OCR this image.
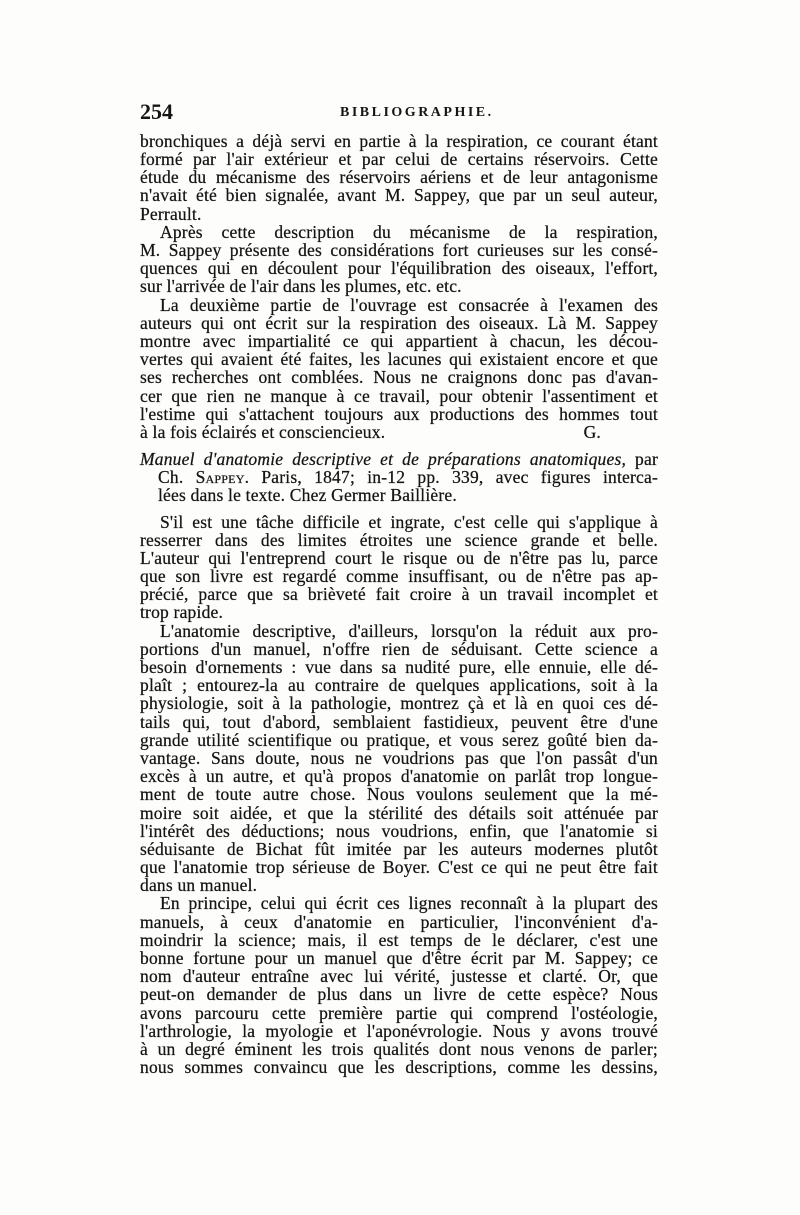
254	BIBLIOGRAPHIE.
bronchiques a déjà servi en partie à la respiration, ce courant étant
formé par l'air extérieur et par celui de certains réservoirs. Cette
étude du mécanisme des réservoirs aériens et de leur antagonisme
n'avait été bien signalée, avant M. Sappey, que par un seul auteur,
Perrault.
Après cette description du mécanisme de la respiration,
M. Sappey présente des considérations fort curieuses sur les consé-
quences qui en découlent pour l'équilibration des oiseaux, l'effort,
sur l'arrivée de l'air dans les plumes, etc. etc.
La deuxième partie de l'ouvrage est consacrée à l'examen des
auteurs qui ont écrit sur la respiration des oiseaux. Là M. Sappey
montre avec impartialité ce qui appartient à chacun, les décou-
vertes qui avaient été faites, les lacunes qui existaient encore et que
ses recherches ont comblées. Nous ne craignons donc pas d'avan-
cer que rien ne manque à ce travail, pour obtenir l'assentiment et
l'estime qui s'attachent toujours aux productions des hommes tout
à la fois éclairés et consciencieux.	G.
Manuel d'anatomie descriptive et de préparations anatomiques, par
Ch. Sappey. Paris, 1847; in-12 pp. 339, avec figures interca-
lées dans le texte. Chez Germer Baillière.
S'il est une tâche difficile et ingrate, c'est celle qui s'applique à
resserrer dans des limites étroites une science grande et belle.
L'auteur qui l'entreprend court le risque ou de n'être pas lu, parce
que son livre est regardé comme insuffisant, ou de n'être pas ap-
précié, parce que sa brièveté fait croire à un travail incomplet et
trop rapide.
L'anatomie descriptive, d'ailleurs, lorsqu'on la réduit aux pro-
portions d'un manuel, n'offre rien de séduisant. Cette science a
besoin d'ornements : vue dans sa nudité pure, elle ennuie, elle dé-
plaît ; entourez-la au contraire de quelques applications, soit à la
physiologie, soit à la pathologie, montrez çà et là en quoi ces dé-
tails qui, tout d'abord, semblaient fastidieux, peuvent être d'une
grande utilité scientifique ou pratique, et vous serez goûté bien da-
vantage. Sans doute, nous ne voudrions pas que l'on passât d'un
excès à un autre, et qu'à propos d'anatomie on parlât trop longue-
ment de toute autre chose. Nous voulons seulement que la mé-
moire soit aidée, et que la stérilité des détails soit atténuée par
l'intérêt des déductions; nous voudrions, enfin, que l'anatomie si
séduisante de Bichat fût imitée par les auteurs modernes plutôt
que l'anatomie trop sérieuse de Boyer. C'est ce qui ne peut être fait
dans un manuel.
En principe, celui qui écrit ces lignes reconnaît à la plupart des
manuels, à ceux d'anatomie en particulier, l'inconvénient d'a-
moindrir la science; mais, il est temps de le déclarer, c'est une
bonne fortune pour un manuel que d'être écrit par M. Sappey; ce
nom d'auteur entraîne avec lui vérité, justesse et clarté. Or, que
peut-on demander de plus dans un livre de cette espèce? Nous
avons parcouru cette première partie qui comprend l'ostéologie,
l'arthrologie, la myologie et l'aponévrologie. Nous y avons trouvé
à un degré éminent les trois qualités dont nous venons de parler;
nous sommes convaincu que les descriptions, comme les dessins,
